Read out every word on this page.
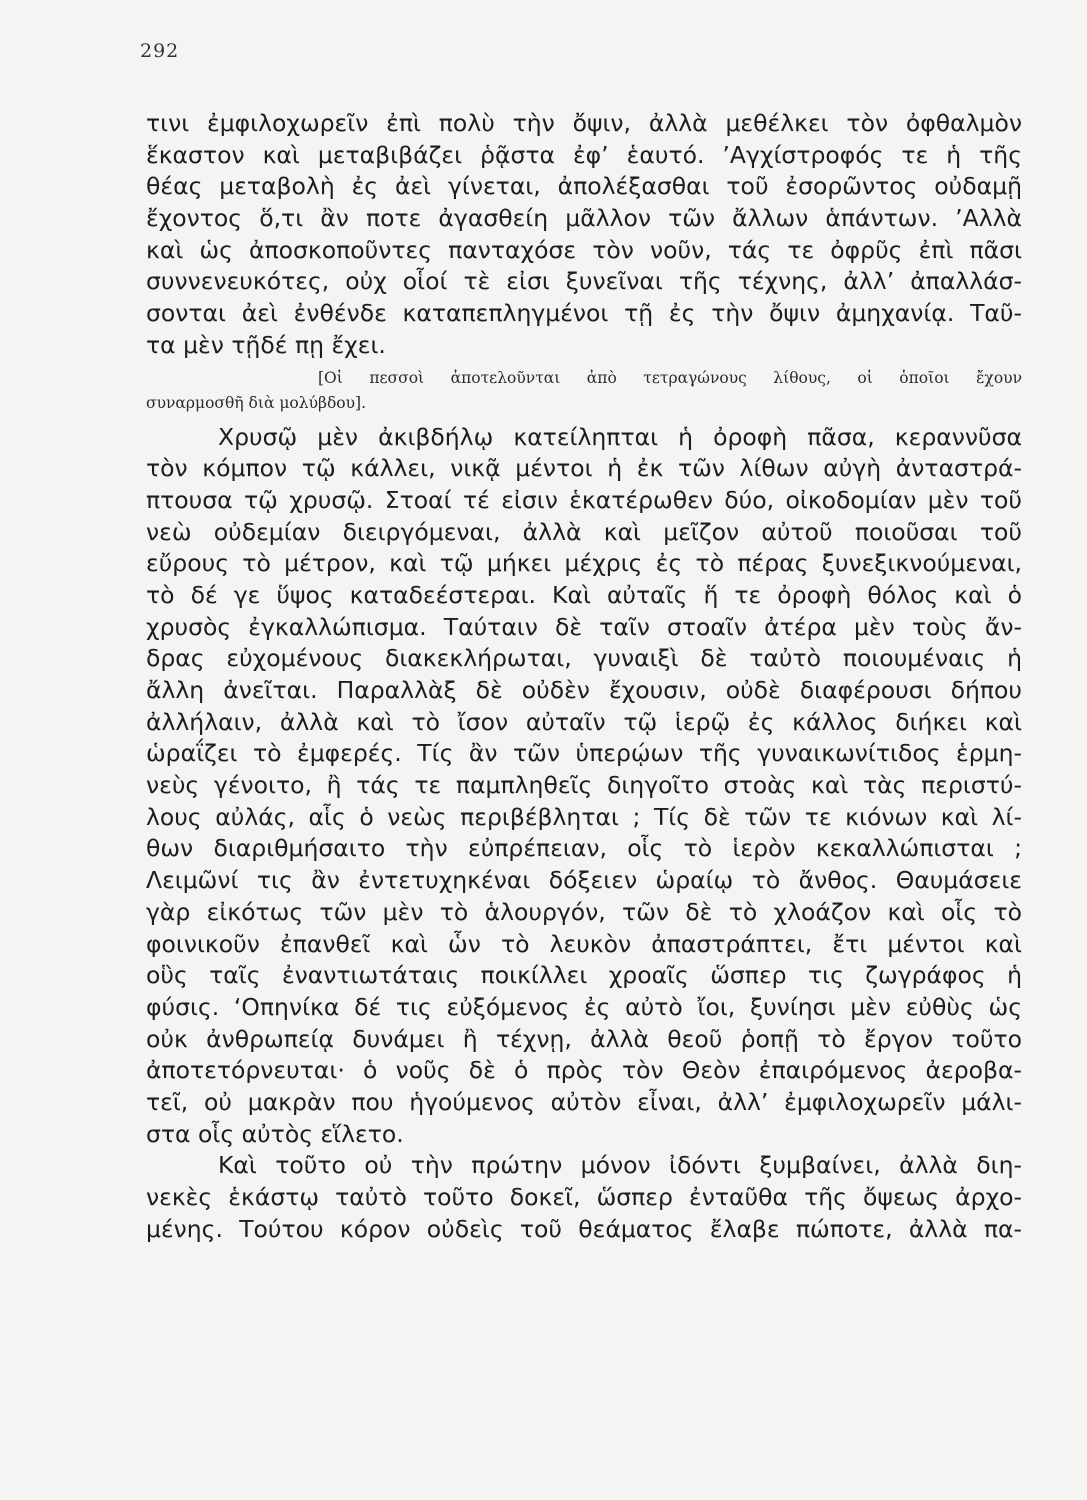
292
τινι ἐμφιλοχωρεῖν ἐπὶ πολὺ τὴν ὄψιν, ἀλλὰ μεθέλκει τὸν ὀφθαλμὸν
ἕκαστον καὶ μεταβιβάζει ῥᾷστα ἐφ’ ἑαυτό. ’Αγχίστροφός τε ἡ τῆς
θέας μεταβολὴ ἐς ἀεὶ γίνεται, ἀπολέξασθαι τοῦ ἐσορῶντος οὐδαμῇ
ἔχοντος ὅ,τι ἂν ποτε ἀγασθείη μᾶλλον τῶν ἄλλων ἁπάντων. ’Αλλὰ
καὶ ὡς ἀποσκοποῦντες πανταχόσε τὸν νοῦν, τάς τε ὀφρῦς ἐπὶ πᾶσι
συννενευκότες, οὐχ οἷοί τὲ εἰσι ξυνεῖναι τῆς τέχνης, ἀλλ’ ἀπαλλάσ-
σονται ἀεὶ ἐνθένδε καταπεπληγμένοι τῇ ἐς τὴν ὄψιν ἀμηχανίᾳ. Ταῦ-
τα μὲν τῇδέ πῃ ἔχει.
[Οἱ πεσσοὶ ἀποτελοῦνται ἀπὸ τετραγώνους λίθους, οἱ ὁποῖοι ἔχουν
συναρμοσθῆ διὰ μολύβδου].
Χρυσῷ μὲν ἀκιβδήλῳ κατείληπται ἡ ὀροφὴ πᾶσα, κεραννῦσα
τὸν κόμπον τῷ κάλλει, νικᾷ μέντοι ἡ ἐκ τῶν λίθων αὐγὴ ἀνταστρά-
πτουσα τῷ χρυσῷ. Στοαί τέ εἰσιν ἑκατέρωθεν δύο, οἰκοδομίαν μὲν τοῦ
νεὼ οὐδεμίαν διειργόμεναι, ἀλλὰ καὶ μεῖζον αὐτοῦ ποιοῦσαι τοῦ
εὔρους τὸ μέτρον, καὶ τῷ μήκει μέχρις ἐς τὸ πέρας ξυνεξικνούμεναι,
τὸ δέ γε ὕψος καταδεέστεραι. Καὶ αὐταῖς ἥ τε ὀροφὴ θόλος καὶ ὁ
χρυσὸς ἐγκαλλώπισμα. Ταύταιν δὲ ταῖν στοαῖν ἀτέρα μὲν τοὺς ἄν-
δρας εὐχομένους διακεκλήρωται, γυναιξὶ δὲ ταὐτὸ ποιουμέναις ἡ
ἄλλη ἀνεῖται. Παραλλὰξ δὲ οὐδὲν ἔχουσιν, οὐδὲ διαφέρουσι δήπου
ἀλλήλαιν, ἀλλὰ καὶ τὸ ἴσον αὐταῖν τῷ ἱερῷ ἐς κάλλος διήκει καὶ
ὡραΐζει τὸ ἐμφερές. Τίς ἂν τῶν ὑπερῴων τῆς γυναικωνίτιδος ἑρμη-
νεὺς γένοιτο, ἢ τάς τε παμπληθεῖς διηγοῖτο στοὰς καὶ τὰς περιστύ-
λους αὐλάς, αἷς ὁ νεὼς περιβέβληται ; Τίς δὲ τῶν τε κιόνων καὶ λί-
θων διαριθμήσαιτο τὴν εὐπρέπειαν, οἷς τὸ ἱερὸν κεκαλλώπισται ;
Λειμῶνί τις ἂν ἐντετυχηκέναι δόξειεν ὡραίῳ τὸ ἄνθος. Θαυμάσειε
γὰρ εἰκότως τῶν μὲν τὸ ἁλουργόν, τῶν δὲ τὸ χλοάζον καὶ οἷς τὸ
φοινικοῦν ἐπανθεῖ καὶ ὧν τὸ λευκὸν ἀπαστράπτει, ἔτι μέντοι καὶ
οὓς ταῖς ἐναντιωτάταις ποικίλλει χροαῖς ὥσπερ τις ζωγράφος ἡ
φύσις. ‘Οπηνίκα δέ τις εὐξόμενος ἐς αὐτὸ ἴοι, ξυνίησι μὲν εὐθὺς ὡς
οὐκ ἀνθρωπείᾳ δυνάμει ἢ τέχνῃ, ἀλλὰ θεοῦ ῥοπῇ τὸ ἔργον τοῦτο
ἀποτετόρνευται· ὁ νοῦς δὲ ὁ πρὸς τὸν Θεὸν ἐπαιρόμενος ἀεροβα-
τεῖ, οὐ μακρὰν που ἡγούμενος αὐτὸν εἶναι, ἀλλ’ ἐμφιλοχωρεῖν μάλι-
στα οἷς αὐτὸς εἵλετο.
Καὶ τοῦτο οὐ τὴν πρώτην μόνον ἰδόντι ξυμβαίνει, ἀλλὰ διη-
νεκὲς ἑκάστῳ ταὐτὸ τοῦτο δοκεῖ, ὥσπερ ἐνταῦθα τῆς ὄψεως ἀρχο-
μένης. Τούτου κόρον οὐδεὶς τοῦ θεάματος ἔλαβε πώποτε, ἀλλὰ πα-
